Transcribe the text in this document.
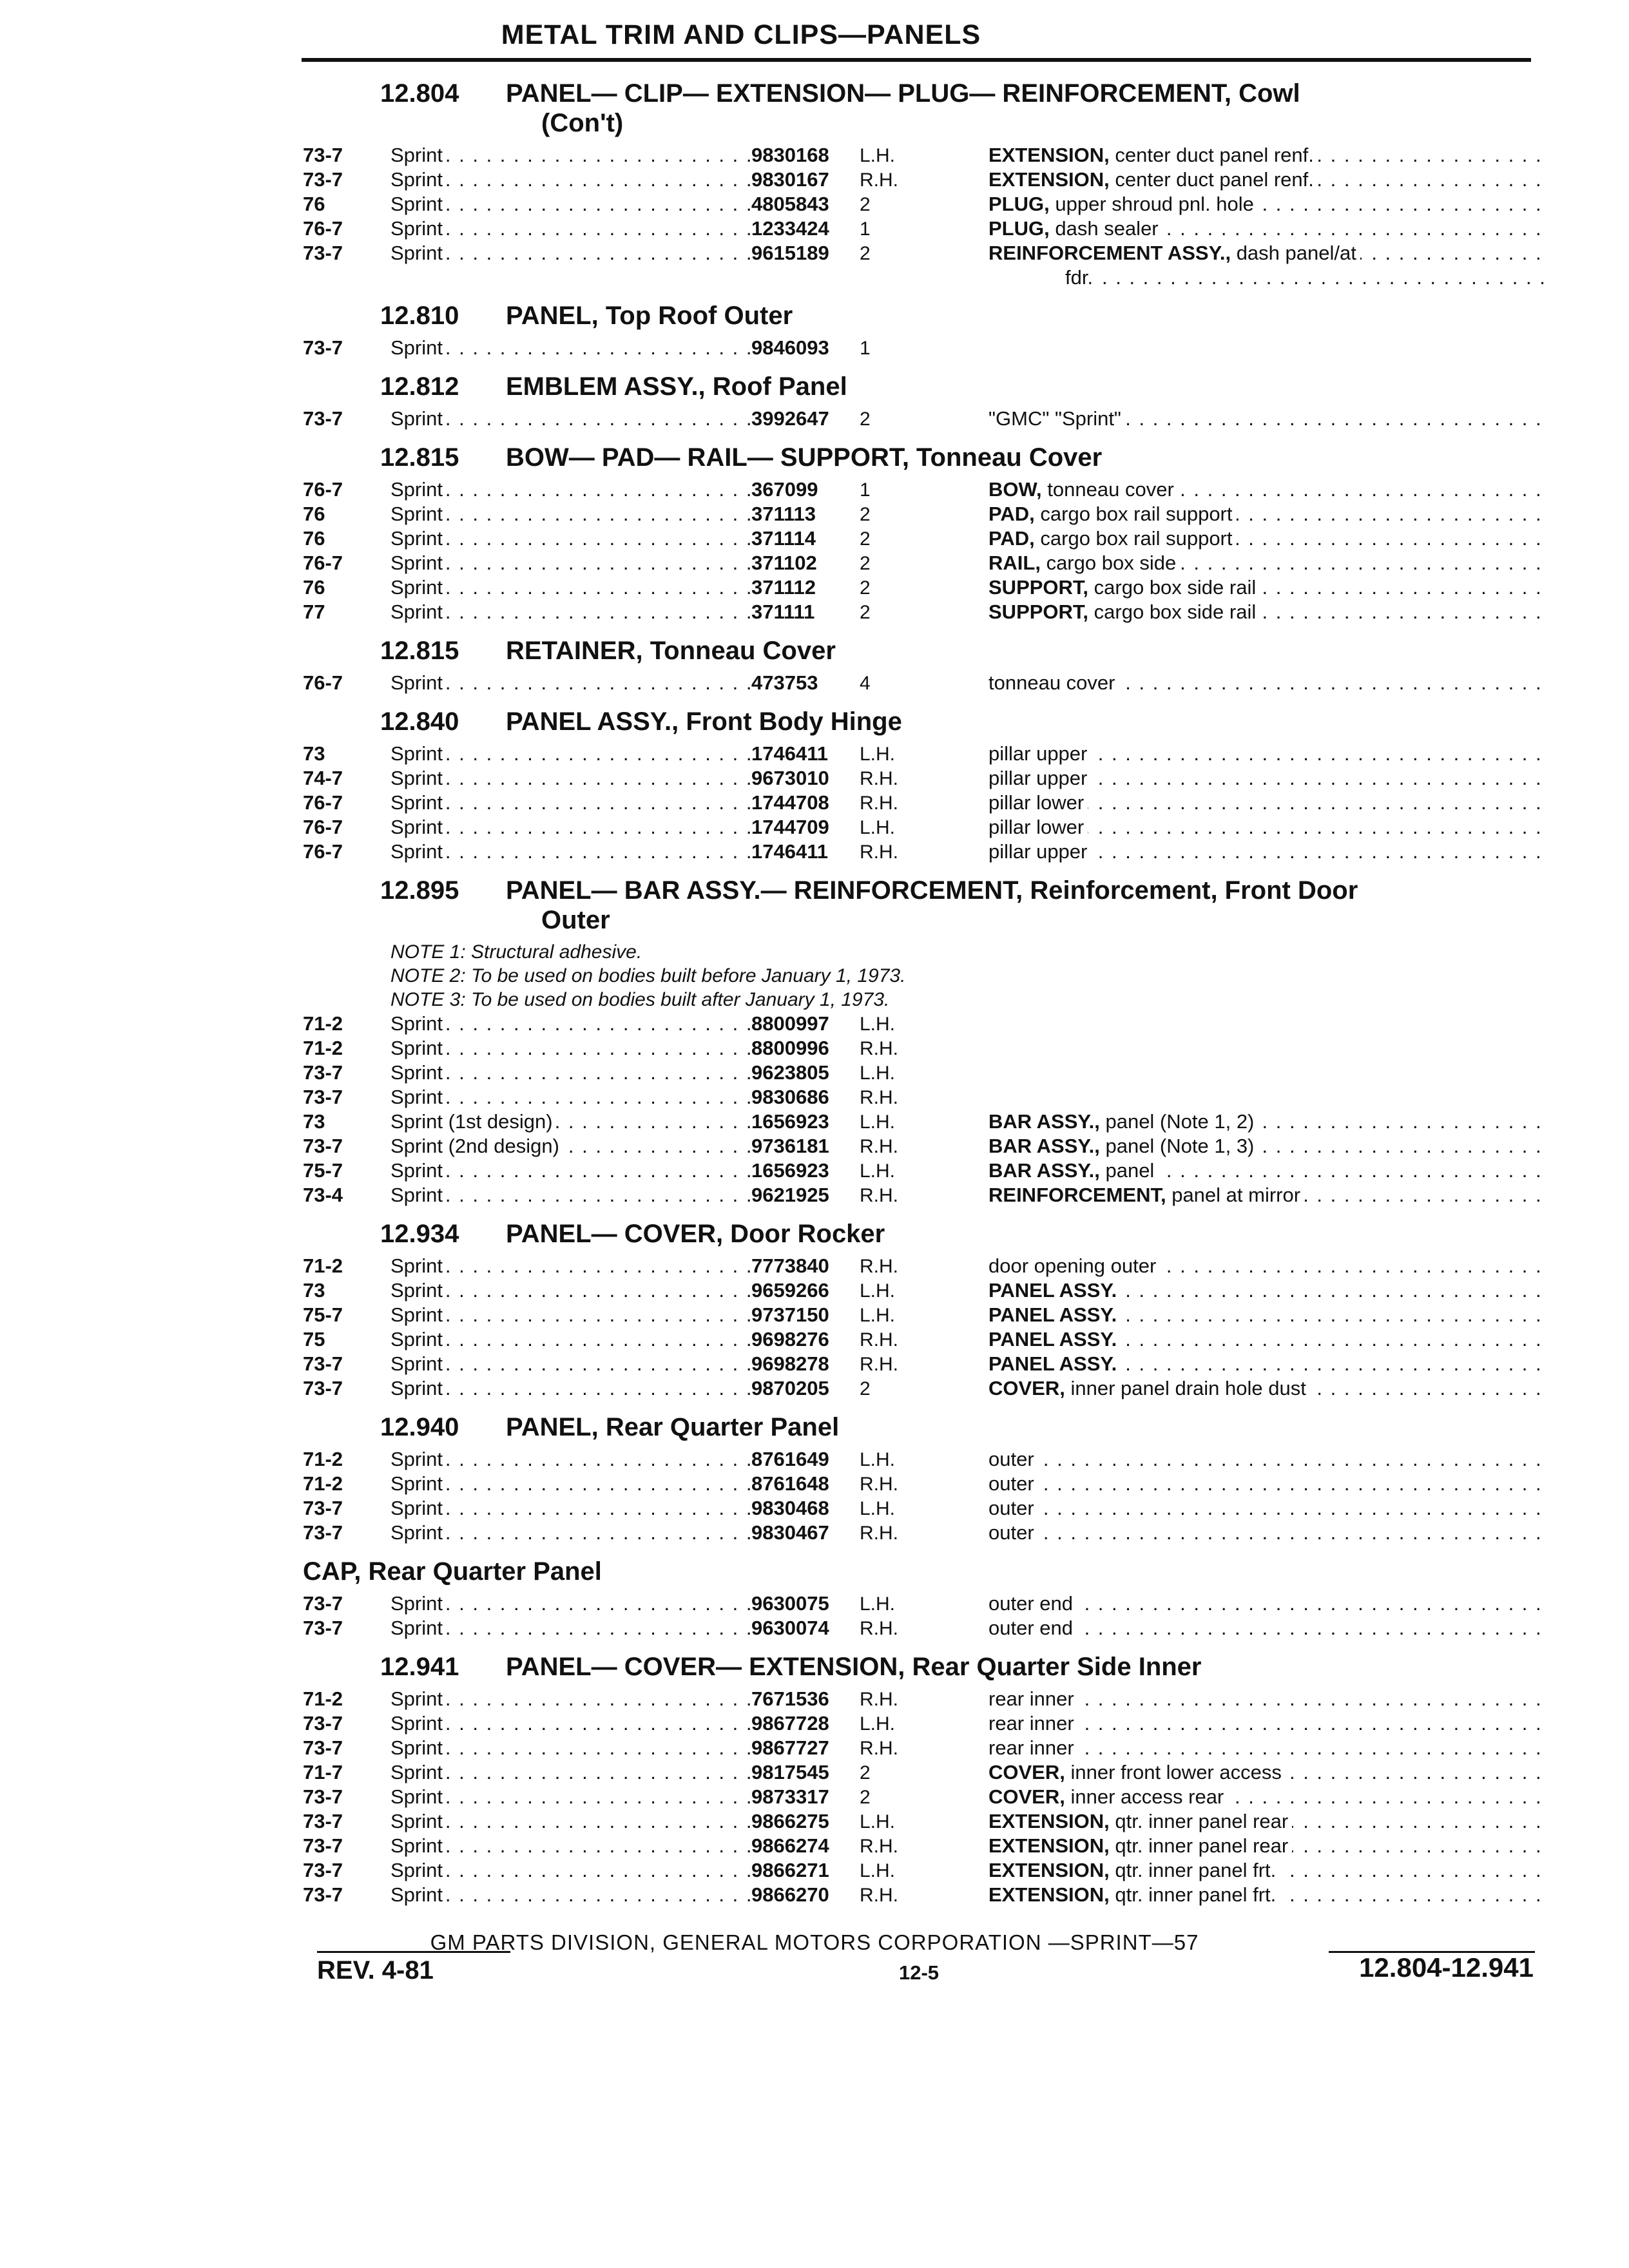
METAL TRIM AND CLIPS—PANELS
12.804	PANEL— CLIP— EXTENSION— PLUG— REINFORCEMENT, Cowl
(Con't)
73-7	Sprint . . .	9830168	L.H.	EXTENSION, center duct panel renf. . . .
73-7	Sprint . . .	9830167	R.H.	EXTENSION, center duct panel renf. . . .
76	Sprint . . .	4805843	2	PLUG, upper shroud pnl. hole . . .
76-7	Sprint . . .	1233424	1	PLUG, dash sealer . . .
73-7	Sprint . . .	9615189	2	REINFORCEMENT ASSY., dash panel/at . . .
fdr. . . .
12.810	PANEL, Top Roof Outer
73-7	Sprint . . .	9846093	1
12.812	EMBLEM ASSY., Roof Panel
73-7	Sprint . . .	3992647	2	"GMC" "Sprint" . . .
12.815	BOW— PAD— RAIL— SUPPORT, Tonneau Cover
76-7	Sprint . . .	367099	1	BOW, tonneau cover . . .
76	Sprint . . .	371113	2	PAD, cargo box rail support . . .
76	Sprint . . .	371114	2	PAD, cargo box rail support . . .
76-7	Sprint . . .	371102	2	RAIL, cargo box side . . .
76	Sprint . . .	371112	2	SUPPORT, cargo box side rail . . .
77	Sprint . . .	371111	2	SUPPORT, cargo box side rail . . .
12.815	RETAINER, Tonneau Cover
76-7	Sprint . . .	473753	4	tonneau cover . . .
12.840	PANEL ASSY., Front Body Hinge
73	Sprint . . .	1746411	L.H.	pillar upper . . .
74-7	Sprint . . .	9673010	R.H.	pillar upper . . .
76-7	Sprint . . .	1744708	R.H.	pillar lower . . .
76-7	Sprint . . .	1744709	L.H.	pillar lower . . .
76-7	Sprint . . .	1746411	R.H.	pillar upper . . .
12.895	PANEL— BAR ASSY.— REINFORCEMENT, Reinforcement, Front Door
Outer
NOTE 1: Structural adhesive.
NOTE 2: To be used on bodies built before January 1, 1973.
NOTE 3: To be used on bodies built after January 1, 1973.
71-2	Sprint . . .	8800997	L.H.
71-2	Sprint . . .	8800996	R.H.
73-7	Sprint . . .	9623805	L.H.
73-7	Sprint . . .	9830686	R.H.
73	Sprint (1st design) . . .	1656923	L.H.	BAR ASSY., panel (Note 1, 2) . . .
73-7	Sprint (2nd design) . . .	9736181	R.H.	BAR ASSY., panel (Note 1, 3) . . .
75-7	Sprint . . .	1656923	L.H.	BAR ASSY., panel . . .
73-4	Sprint . . .	9621925	R.H.	REINFORCEMENT, panel at mirror . . .
12.934	PANEL— COVER, Door Rocker
71-2	Sprint . . .	7773840	R.H.	door opening outer . . .
73	Sprint . . .	9659266	L.H.	PANEL ASSY. . . .
75-7	Sprint . . .	9737150	L.H.	PANEL ASSY. . . .
75	Sprint . . .	9698276	R.H.	PANEL ASSY. . . .
73-7	Sprint . . .	9698278	R.H.	PANEL ASSY. . . .
73-7	Sprint . . .	9870205	2	COVER, inner panel drain hole dust . . .
12.940	PANEL, Rear Quarter Panel
71-2	Sprint . . .	8761649	L.H.	outer . . .
71-2	Sprint . . .	8761648	R.H.	outer . . .
73-7	Sprint . . .	9830468	L.H.	outer . . .
73-7	Sprint . . .	9830467	R.H.	outer . . .
CAP, Rear Quarter Panel
73-7	Sprint . . .	9630075	L.H.	outer end . . .
73-7	Sprint . . .	9630074	R.H.	outer end . . .
12.941	PANEL— COVER— EXTENSION, Rear Quarter Side Inner
71-2	Sprint . . .	7671536	R.H.	rear inner . . .
73-7	Sprint . . .	9867728	L.H.	rear inner . . .
73-7	Sprint . . .	9867727	R.H.	rear inner . . .
71-7	Sprint . . .	9817545	2	COVER, inner front lower access . . .
73-7	Sprint . . .	9873317	2	COVER, inner access rear . . .
73-7	Sprint . . .	9866275	L.H.	EXTENSION, qtr. inner panel rear . . .
73-7	Sprint . . .	9866274	R.H.	EXTENSION, qtr. inner panel rear . . .
73-7	Sprint . . .	9866271	L.H.	EXTENSION, qtr. inner panel frt. . . .
73-7	Sprint . . .	9866270	R.H.	EXTENSION, qtr. inner panel frt. . . .
GM PARTS DIVISION, GENERAL MOTORS CORPORATION —SPRINT—57
REV. 4-81	12-5	12.804-12.941
